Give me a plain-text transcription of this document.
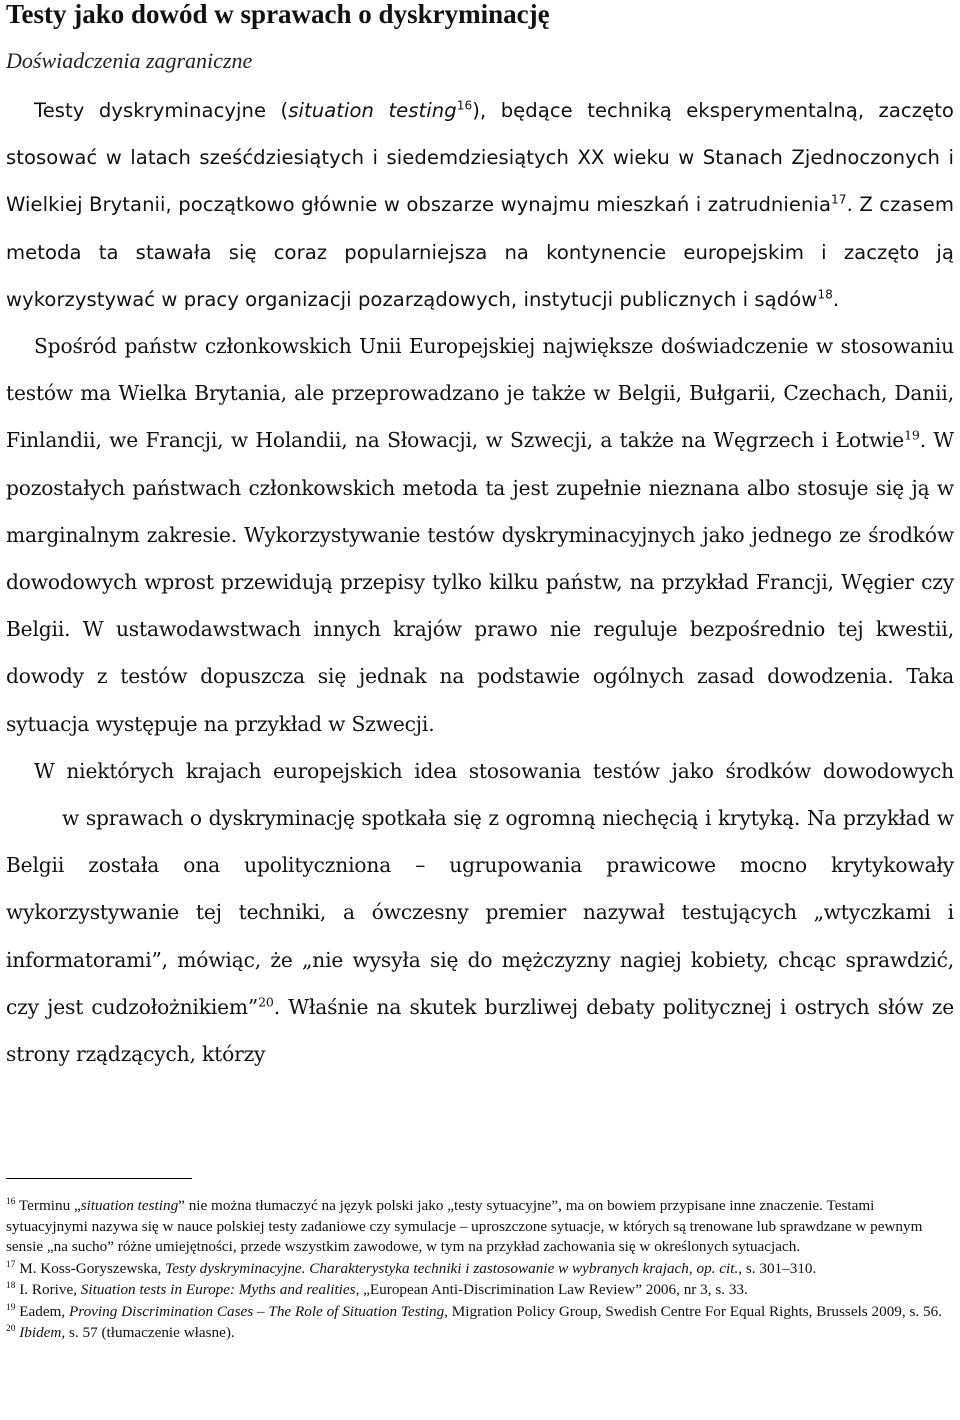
Testy jako dowód w sprawach o dyskryminację
Doświadczenia zagraniczne

Testy dyskryminacyjne (situation testing$^{16}$), będące techniką eksperymentalną, zaczęto stosować w latach sześćdziesiątych i siedemdziesiątych XX wieku w Stanach Zjednoczonych i Wielkiej Brytanii, początkowo głównie w obszarze wynajmu mieszkań i zatrudnienia$^{17}$. Z czasem metoda ta stawała się coraz popularniejsza na kontynencie europejskim i zaczęto ją wykorzystywać w pracy organizacji pozarządowych, instytucji publicznych i sądów$^{18}$.

Spośród państw członkowskich Unii Europejskiej największe doświadczenie w stosowaniu testów ma Wielka Brytania, ale przeprowadzano je także w Belgii, Bułgarii, Czechach, Danii, Finlandii, we Francji, w Holandii, na Słowacji, w Szwecji, a także na Węgrzech i Łotwie$^{19}$. W pozostałych państwach członkowskich metoda ta jest zupełnie nieznana albo stosuje się ją w marginalnym zakresie. Wykorzystywanie testów dyskryminacyjnych jako jednego ze środków dowodowych wprost przewidują przepisy tylko kilku państw, na przykład Francji, Węgier czy Belgii. W ustawodawstwach innych krajów prawo nie reguluje bezpośrednio tej kwestii, dowody z testów dopuszcza się jednak na podstawie ogólnych zasad dowodzenia. Taka sytuacja występuje na przykład w Szwecji.

W niektórych krajach europejskich idea stosowania testów jako środków dowodowychw sprawach o dyskryminację spotkała się z ogromną niechęcią i krytyką. Na przykład w Belgii została ona upolityczniona – ugrupowania prawicowe mocno krytykowały wykorzystywanie tej techniki, a ówczesny premier nazywał testujących „wtyczkami i informatorami”, mówiąc, że „nie wysyła się do mężczyzny nagiej kobiety, chcąc sprawdzić, czy jest cudzołożnikiem”$^{20}$. Właśnie na skutek burzliwej debaty politycznej i ostrych słów ze strony rządzących, którzy

$^{16}$ Terminu „situation testing” nie można tłumaczyć na język polski jako „testy sytuacyjne”, ma on bowiem przypisane inne znaczenie. Testami sytuacyjnymi nazywa się w nauce polskiej testy zadaniowe czy symulacje – uproszczone sytuacje, w których są trenowane lub sprawdzane w pewnym sensie „na sucho” różne umiejętności, przede wszystkim zawodowe, w tym na przykład zachowania się w określonych sytuacjach.
$^{17}$ M. Koss-Goryszewska, Testy dyskryminacyjne. Charakterystyka techniki i zastosowanie w wybranych krajach, op. cit., s. 301–310.
$^{18}$ I. Rorive, Situation tests in Europe: Myths and realities, „European Anti-Discrimination Law Review” 2006, nr 3, s. 33.
$^{19}$ Eadem, Proving Discrimination Cases – The Role of Situation Testing, Migration Policy Group, Swedish Centre For Equal Rights, Brussels 2009, s. 56.
$^{20}$ Ibidem, s. 57 (tłumaczenie własne).
